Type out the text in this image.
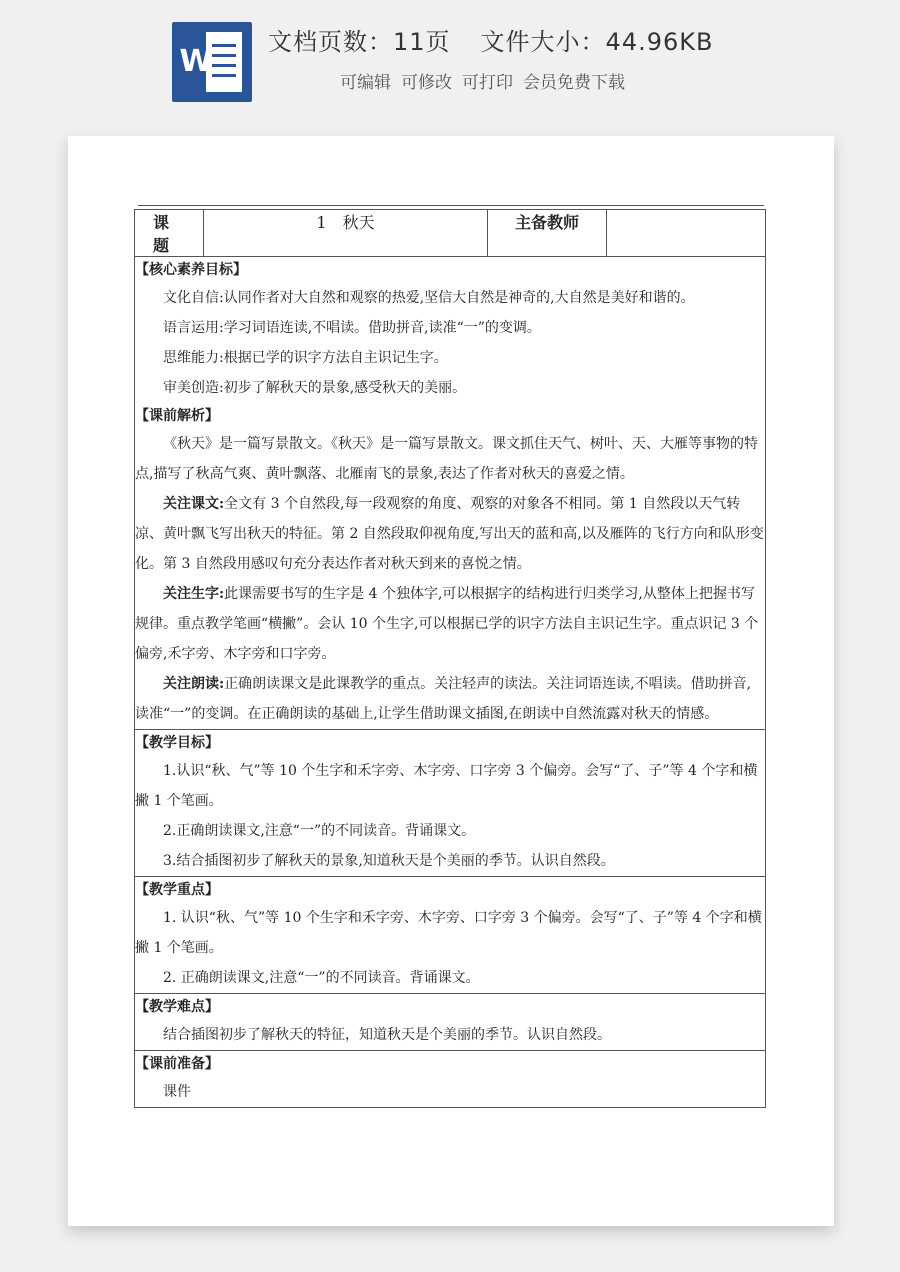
W
文档页数：11页 文件大小：44.96KB
可编辑 可修改 可打印 会员免费下载
课　题	1　秋天	主备教师	

【核心素养目标】
文化自信:认同作者对大自然和观察的热爱,坚信大自然是神奇的,大自然是美好和谐的。
语言运用:学习词语连读,不唱读。借助拼音,读准“一”的变调。
思维能力:根据已学的识字方法自主识记生字。
审美创造:初步了解秋天的景象,感受秋天的美丽。
【课前解析】
《秋天》是一篇写景散文。《秋天》是一篇写景散文。课文抓住天气、树叶、天、大雁等事物的特点,描写了秋高气爽、黄叶飘落、北雁南飞的景象,表达了作者对秋天的喜爱之情。
关注课文:全文有 3 个自然段,每一段观察的角度、观察的对象各不相同。第 1 自然段以天气转凉、黄叶飘飞写出秋天的特征。第 2 自然段取仰视角度,写出天的蓝和高,以及雁阵的飞行方向和队形变化。第 3 自然段用感叹句充分表达作者对秋天到来的喜悦之情。
关注生字:此课需要书写的生字是 4 个独体字,可以根据字的结构进行归类学习,从整体上把握书写规律。重点教学笔画“横撇”。会认 10 个生字,可以根据已学的识字方法自主识记生字。重点识记 3 个偏旁,禾字旁、木字旁和口字旁。
关注朗读:正确朗读课文是此课教学的重点。关注轻声的读法。关注词语连读,不唱读。借助拼音,读准“一”的变调。在正确朗读的基础上,让学生借助课文插图,在朗读中自然流露对秋天的情感。

【教学目标】
1.认识“秋、气”等 10 个生字和禾字旁、木字旁、口字旁 3 个偏旁。会写“了、子”等 4 个字和横撇 1 个笔画。
2.正确朗读课文,注意“一”的不同读音。背诵课文。
3.结合插图初步了解秋天的景象,知道秋天是个美丽的季节。认识自然段。

【教学重点】
1. 认识“秋、气”等 10 个生字和禾字旁、木字旁、口字旁 3 个偏旁。会写“了、子”等 4 个字和横撇 1 个笔画。
2. 正确朗读课文,注意“一”的不同读音。背诵课文。

【教学难点】
结合插图初步了解秋天的特征，知道秋天是个美丽的季节。认识自然段。

【课前准备】
课件
